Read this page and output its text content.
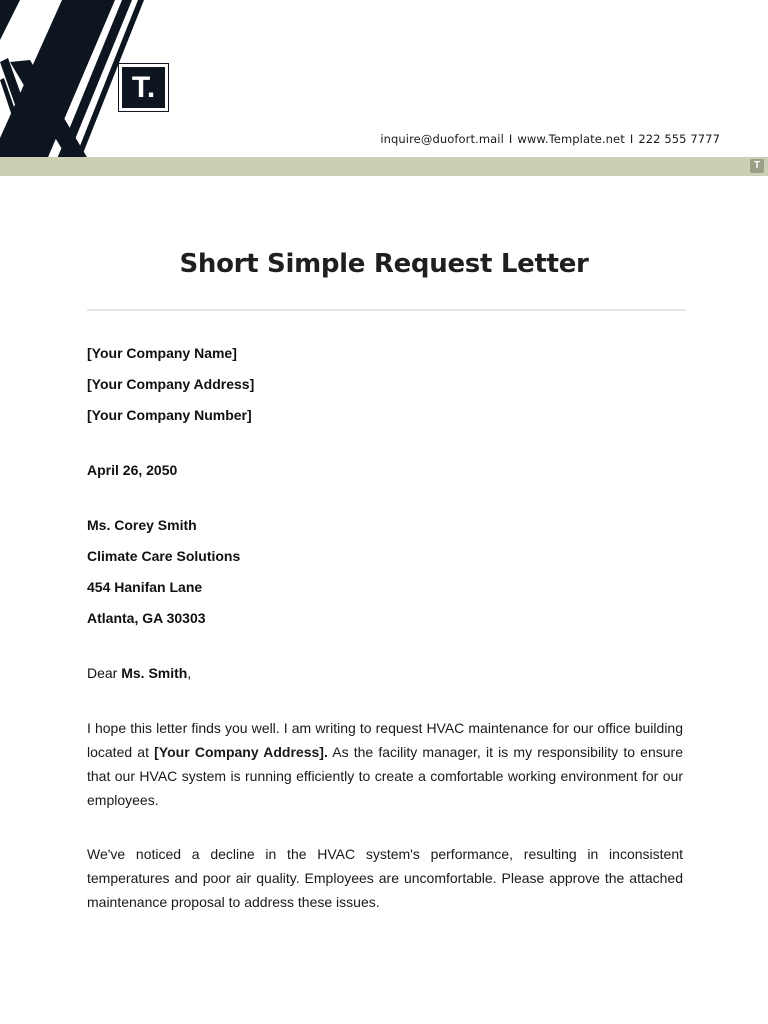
T.
inquire@duofort.mail I www.Template.net I 222 555 7777
T
Short Simple Request Letter
[Your Company Name]
[Your Company Address]
[Your Company Number]
April 26, 2050
Ms. Corey Smith
Climate Care Solutions
454 Hanifan Lane
Atlanta, GA 30303
Dear Ms. Smith,
I hope this letter finds you well. I am writing to request HVAC maintenance for our office building located at [Your Company Address]. As the facility manager, it is my responsibility to ensure that our HVAC system is running efficiently to create a comfortable working environment for our employees.
We've noticed a decline in the HVAC system's performance, resulting in inconsistent temperatures and poor air quality. Employees are uncomfortable. Please approve the attached maintenance proposal to address these issues.
